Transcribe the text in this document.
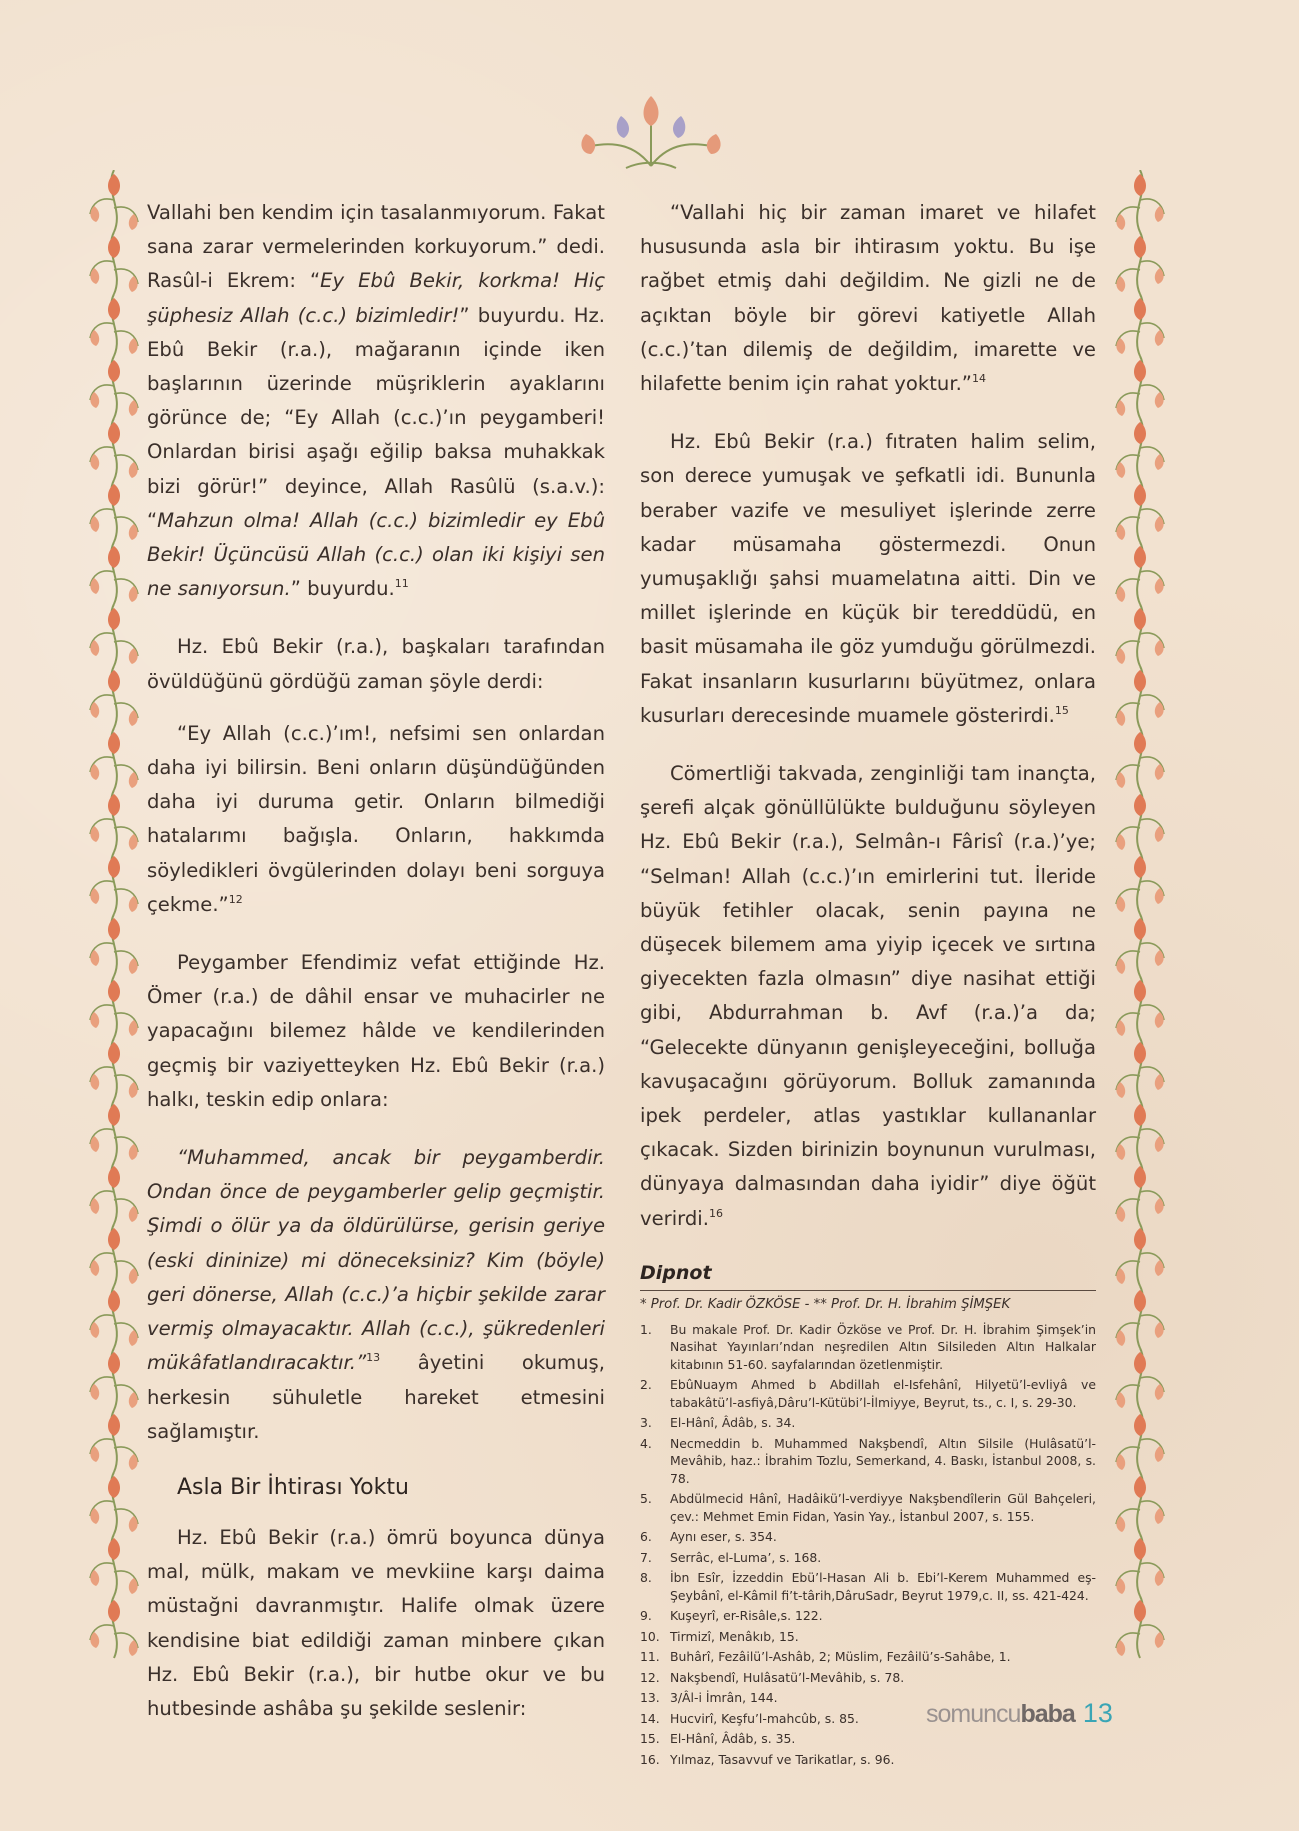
Vallahi ben kendim için tasalanmıyorum. Fakat sana zarar vermelerinden korkuyorum.” dedi. Rasûl-i Ekrem: “Ey Ebû Bekir, korkma! Hiç şüphesiz Allah (c.c.) bizimledir!” buyurdu. Hz. Ebû Bekir (r.a.), mağaranın içinde iken başlarının üzerinde müşriklerin ayaklarını görünce de; “Ey Allah (c.c.)’ın peygamberi! Onlardan birisi aşağı eğilip baksa muhakkak bizi görür!” deyince, Allah Rasûlü (s.a.v.): “Mahzun olma! Allah (c.c.) bizimledir ey Ebû Bekir! Üçüncüsü Allah (c.c.) olan iki kişiyi sen ne sanıyorsun.” buyurdu.$^{11}$

Hz. Ebû Bekir (r.a.), başkaları tarafından övüldüğünü gördüğü zaman şöyle derdi:

“Ey Allah (c.c.)’ım!, nefsimi sen onlardan daha iyi bilirsin. Beni onların düşündüğünden daha iyi duruma getir. Onların bilmediği hatalarımı bağışla. Onların, hakkımda söyledikleri övgülerinden dolayı beni sorguya çekme.”$^{12}$

Peygamber Efendimiz vefat ettiğinde Hz. Ömer (r.a.) de dâhil ensar ve muhacirler ne yapacağını bilemez hâlde ve kendilerinden geçmiş bir vaziyetteyken Hz. Ebû Bekir (r.a.) halkı, teskin edip onlara:

“Muhammed, ancak bir peygamberdir. Ondan önce de peygamberler gelip geçmiştir. Şimdi o ölür ya da öldürülürse, gerisin geriye (eski dininize) mi döneceksiniz? Kim (böyle) geri dönerse, Allah (c.c.)’a hiçbir şekilde zarar vermiş olmayacaktır. Allah (c.c.), şükredenleri mükâfatlandıracaktır.”$^{13}$ âyetini okumuş, herkesin sühuletle hareket etmesini sağlamıştır.

Asla Bir İhtirası Yoktu

Hz. Ebû Bekir (r.a.) ömrü boyunca dünya mal, mülk, makam ve mevkiine karşı daima müstağni davranmıştır. Halife olmak üzere kendisine biat edildiği zaman minbere çıkan Hz. Ebû Bekir (r.a.), bir hutbe okur ve bu hutbesinde ashâba şu şekilde seslenir:

“Vallahi hiç bir zaman imaret ve hilafet hususunda asla bir ihtirasım yoktu. Bu işe rağbet etmiş dahi değildim. Ne gizli ne de açıktan böyle bir görevi katiyetle Allah (c.c.)’tan dilemiş de değildim, imarette ve hilafette benim için rahat yoktur.”$^{14}$

Hz. Ebû Bekir (r.a.) fıtraten halim selim, son derece yumuşak ve şefkatli idi. Bununla beraber vazife ve mesuliyet işlerinde zerre kadar müsamaha göstermezdi. Onun yumuşaklığı şahsi muamelatına aitti. Din ve millet işlerinde en küçük bir tereddüdü, en basit müsamaha ile göz yumduğu görülmezdi. Fakat insanların kusurlarını büyütmez, onlara kusurları derecesinde muamele gösterirdi.$^{15}$

Cömertliği takvada, zenginliği tam inançta, şerefi alçak gönüllülükte bulduğunu söyleyen Hz. Ebû Bekir (r.a.), Selmân-ı Fârisî (r.a.)’ye; “Selman! Allah (c.c.)’ın emirlerini tut. İleride büyük fetihler olacak, senin payına ne düşecek bilemem ama yiyip içecek ve sırtına giyecekten fazla olmasın” diye nasihat ettiği gibi, Abdurrahman b. Avf (r.a.)’a da; “Gelecekte dünyanın genişleyeceğini, bolluğa kavuşacağını görüyorum. Bolluk zamanında ipek perdeler, atlas yastıklar kullananlar çıkacak. Sizden birinizin boynunun vurulması, dünyaya dalmasından daha iyidir” diye öğüt verirdi.$^{16}$

Dipnot
* Prof. Dr. Kadir ÖZKÖSE - ** Prof. Dr. H. İbrahim ŞİMŞEK
1. Bu makale Prof. Dr. Kadir Özköse ve Prof. Dr. H. İbrahim Şimşek’in Nasihat Yayınları’ndan neşredilen Altın Silsileden Altın Halkalar kitabının 51-60. sayfalarından özetlenmiştir.
2. EbûNuaym Ahmed b Abdillah el-Isfehânî, Hilyetü’l-evliyâ ve tabakâtü’l-asfiyâ,Dâru’l-Kütübi’l-İlmiyye, Beyrut, ts., c. I, s. 29-30.
3. El-Hânî, Âdâb, s. 34.
4. Necmeddin b. Muhammed Nakşbendî, Altın Silsile (Hulâsatü’l-Mevâhib, haz.: İbrahim Tozlu, Semerkand, 4. Baskı, İstanbul 2008, s. 78.
5. Abdülmecid Hânî, Hadâikü’l-verdiyye Nakşbendîlerin Gül Bahçeleri, çev.: Mehmet Emin Fidan, Yasin Yay., İstanbul 2007, s. 155.
6. Aynı eser, s. 354.
7. Serrâc, el-Luma’, s. 168.
8. İbn Esîr, İzzeddin Ebü’l-Hasan Ali b. Ebi’l-Kerem Muhammed eş-Şeybânî, el-Kâmil fi’t-târih,DâruSadr, Beyrut 1979,c. II, ss. 421-424.
9. Kuşeyrî, er-Risâle,s. 122.
10. Tirmizî, Menâkıb, 15.
11. Buhârî, Fezâilü’l-Ashâb, 2; Müslim, Fezâilü’s-Sahâbe, 1.
12. Nakşbendî, Hulâsatü’l-Mevâhib, s. 78.
13. 3/Âl-i İmrân, 144.
14. Hucvirî, Keşfu’l-mahcûb, s. 85.
15. El-Hânî, Âdâb, s. 35.
16. Yılmaz, Tasavvuf ve Tarikatlar, s. 96.
somuncubaba 13
